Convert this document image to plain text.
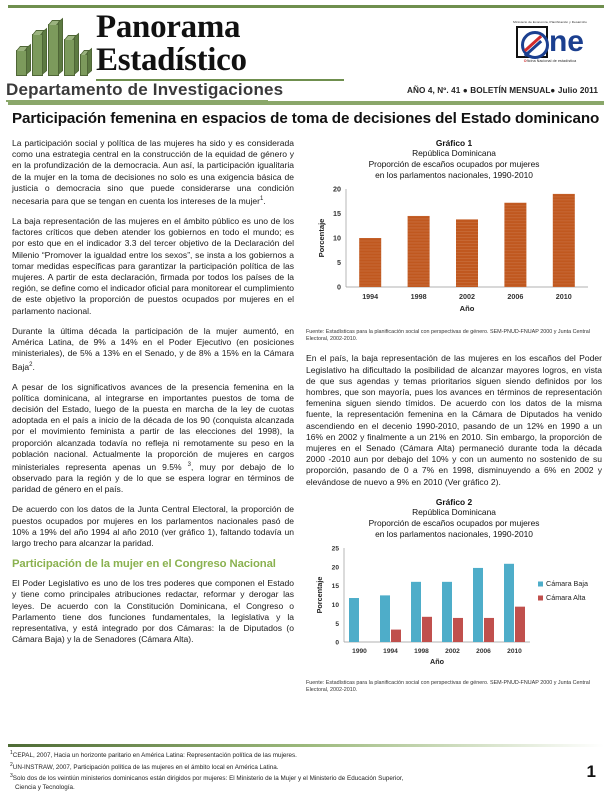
Panorama
Estadístico
Departamento de Investigaciones
Ministerio de Economía, Planificación y Desarrollo
ne
Oficina Nacional de estadística
AÑO 4, Nº. 41 ● BOLETÍN MENSUAL● Julio 2011
Participación femenina en espacios de toma de decisiones del Estado dominicano

La participación social y política de las mujeres ha sido y es considerada como una estrategia central en la construcción de la equidad de género y en la profundización de la democracia. Aun así, la participación igualitaria de la mujer en la toma de decisiones no solo es una exigencia básica de justicia o democracia sino que puede considerarse una condición necesaria para que se tengan en cuenta los intereses de la mujer$^1$.

La baja representación de las mujeres en el ámbito público es uno de los factores críticos que deben atender los gobiernos en todo el mundo; es por esto que en el indicador 3.3 del tercer objetivo de la Declaración del Milenio “Promover la igualdad entre los sexos”, se insta a los gobiernos a tomar medidas específicas para garantizar la participación política de las mujeres. A partir de esta declaración, firmada por todos los países de la región, se define como el indicador oficial para monitorear el cumplimiento de este objetivo la proporción de puestos ocupados por mujeres en el parlamento nacional.

Durante la última década la participación de la mujer aumentó, en América Latina, de 9% a 14% en el Poder Ejecutivo (en posiciones ministeriales), de 5% a 13% en el Senado, y de 8% a 15% en la Cámara Baja$^2$.

A pesar de los significativos avances de la presencia femenina en la política dominicana, al integrarse en importantes puestos de toma de decisión del Estado, luego de la puesta en marcha de la ley de cuotas adoptada en el país a inicio de la década de los 90 (conquista alcanzada por el movimiento feminista a partir de las elecciones del 1998), la proporción alcanzada todavía no refleja ni remotamente su peso en la población nacional. Actualmente la proporción de mujeres en cargos ministeriales representa apenas un 9.5% $^3$, muy por debajo de lo observado para la región y de lo que se espera lograr en términos de paridad de género en el país.

De acuerdo con los datos de la Junta Central Electoral, la proporción de puestos ocupados por mujeres en los parlamentos nacionales pasó de 10% a 19% del año 1994 al año 2010 (ver gráfico 1), faltando todavía un largo trecho para alcanzar la paridad.

Participación de la mujer en el Congreso Nacional

El Poder Legislativo es uno de los tres poderes que componen el Estado y tiene como principales atribuciones redactar, reformar y derogar las leyes. De acuerdo con la Constitución Dominicana, el Congreso o Parlamento tiene dos funciones fundamentales, la legislativa y la representativa, y está integrado por dos Cámaras: la de Diputados (o Cámara Baja) y la de Senadores (Cámara Alta).

Gráfico 1
República Dominicana
Proporción de escaños ocupados por mujeres
en los parlamentos nacionales, 1990-2010
0
5
10
15
20
1994	1998	2002	2006	2010
Porcentaje
Año
Fuente: Estadísticas para la planificación social con perspectivas de género. SEM-PNUD-FNUAP 2000 y Junta Central Electoral, 2002-2010.

En el país, la baja representación de las mujeres en los escaños del Poder Legislativo ha dificultado la posibilidad de alcanzar mayores logros, en vista de que sus agendas y temas prioritarios siguen siendo definidos por los hombres, que son mayoría, pues los avances en términos de representación femenina siguen siendo tímidos. De acuerdo con los datos de la misma fuente, la representación femenina en la Cámara de Diputados ha venido ascendiendo en el decenio 1990-2010, pasando de un 12% en 1990 a un 16% en 2002 y finalmente a un 21% en 2010. Sin embargo, la proporción de mujeres en el Senado (Cámara Alta) permaneció durante toda la década 2000 -2010 aun por debajo del 10% y con un aumento no sostenido de su proporción, pasando de 0 a 7% en 1998, disminuyendo a 6% en 2002 y elevándose de nuevo a 9% en 2010 (Ver gráfico 2).

Gráfico 2
República Dominicana
Proporción de escaños ocupados por mujeres
en los parlamentos nacionales, 1990-2010
0
5
10
15
20
25
1990 1994 1998 2002 2006 2010
Porcentaje
Año
Cámara Baja
Cámara Alta
Fuente: Estadísticas para la planificación social con perspectivas de género. SEM-PNUD-FNUAP 2000 y Junta Central Electoral, 2002-2010.
$^1$CEPAL, 2007, Hacia un horizonte paritario en América Latina: Representación política de las mujeres.
$^2$UN-INSTRAW, 2007, Participación política de las mujeres en el ámbito local en América Latina.
$^3$Solo dos de los veintiún ministerios dominicanos están dirigidos por mujeres: El Ministerio de la Mujer y el Ministerio de Educación Superior,
Ciencia y Tecnología.
1
